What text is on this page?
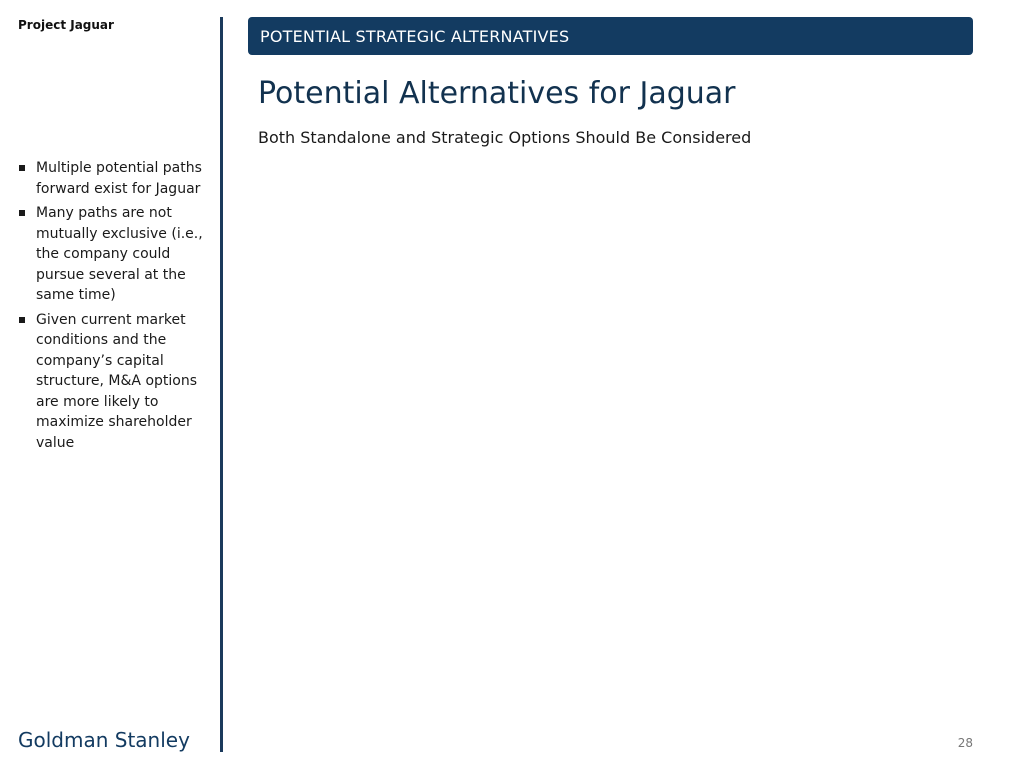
Project Jaguar
POTENTIAL STRATEGIC ALTERNATIVES
Potential Alternatives for Jaguar
Both Standalone and Strategic Options Should Be Considered
Multiple potential paths forward exist for Jaguar
Many paths are not mutually exclusive (i.e., the company could pursue several at the same time)
Given current market conditions and the company’s capital structure, M&A options are more likely to maximize shareholder value
Goldman Stanley	28
